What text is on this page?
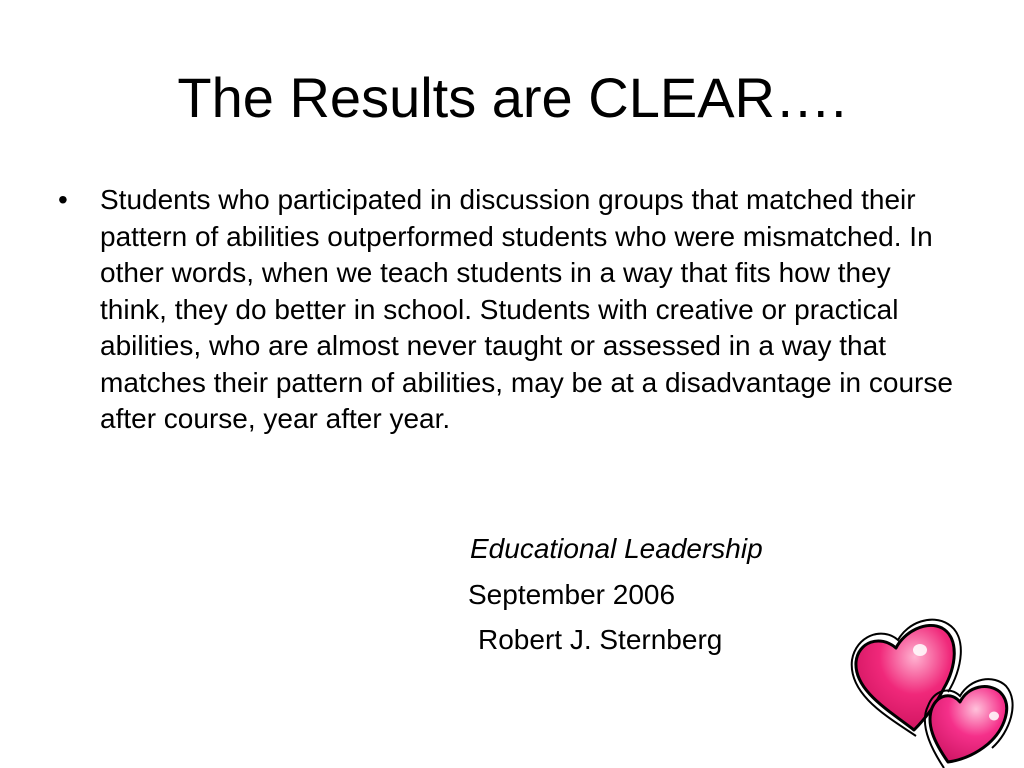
The Results are CLEAR….
• Students who participated in discussion groups that matched their pattern of abilities outperformed students who were mismatched. In other words, when we teach students in a way that fits how they think, they do better in school. Students with creative or practical abilities, who are almost never taught or assessed in a way that matches their pattern of abilities, may be at a disadvantage in course after course, year after year.
Educational Leadership
September 2006
Robert J. Sternberg
